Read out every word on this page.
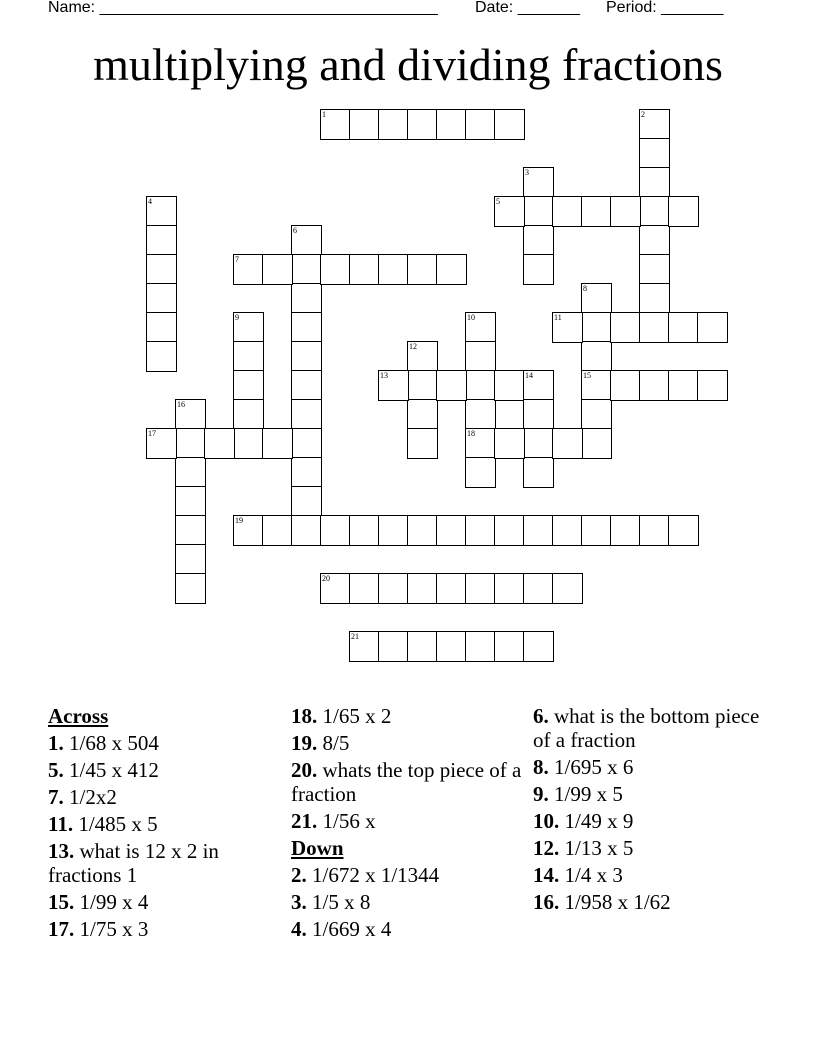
Name: ______________________________________ Date: _______ Period: _______
multiplying and dividing fractions
1	2
3
4	5
6
7
8
15
9	10
18
11
12
13	14
16
17
19
20
21
Across
1. 1/68 x 504
5. 1/45 x 412
7. 1/2x2
11. 1/485 x 5
13. what is 12 x 2 in fractions 1
15. 1/99 x 4
17. 1/75 x 3
18. 1/65 x 2
19. 8/5
20. whats the top piece of a fraction
21. 1/56 x
Down
2. 1/672 x 1/1344
3. 1/5 x 8
4. 1/669 x 4
6. what is the bottom piece of a fraction
8. 1/695 x 6
9. 1/99 x 5
10. 1/49 x 9
12. 1/13 x 5
14. 1/4 x 3
16. 1/958 x 1/62
